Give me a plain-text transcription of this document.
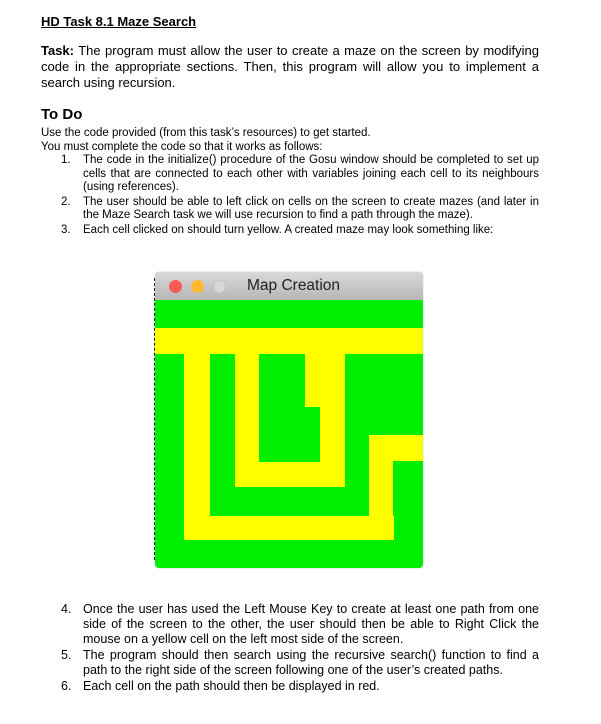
HD Task 8.1 Maze Search
Task: The program must allow the user to create a maze on the screen by modifying code in the appropriate sections. Then, this program will allow you to implement a search using recursion.
To Do
Use the code provided (from this task’s resources) to get started.
You must complete the code so that it works as follows:
1. The code in the initialize() procedure of the Gosu window should be completed to set up cells that are connected to each other with variables joining each cell to its neighbours (using references).
2. The user should be able to left click on cells on the screen to create mazes (and later in the Maze Search task we will use recursion to find a path through the maze).
3. Each cell clicked on should turn yellow. A created maze may look something like:
Map Creation
4. Once the user has used the Left Mouse Key to create at least one path from one side of the screen to the other, the user should then be able to Right Click the mouse on a yellow cell on the left most side of the screen.
5. The program should then search using the recursive search() function to find a path to the right side of the screen following one of the user’s created paths.
6. Each cell on the path should then be displayed in red.
